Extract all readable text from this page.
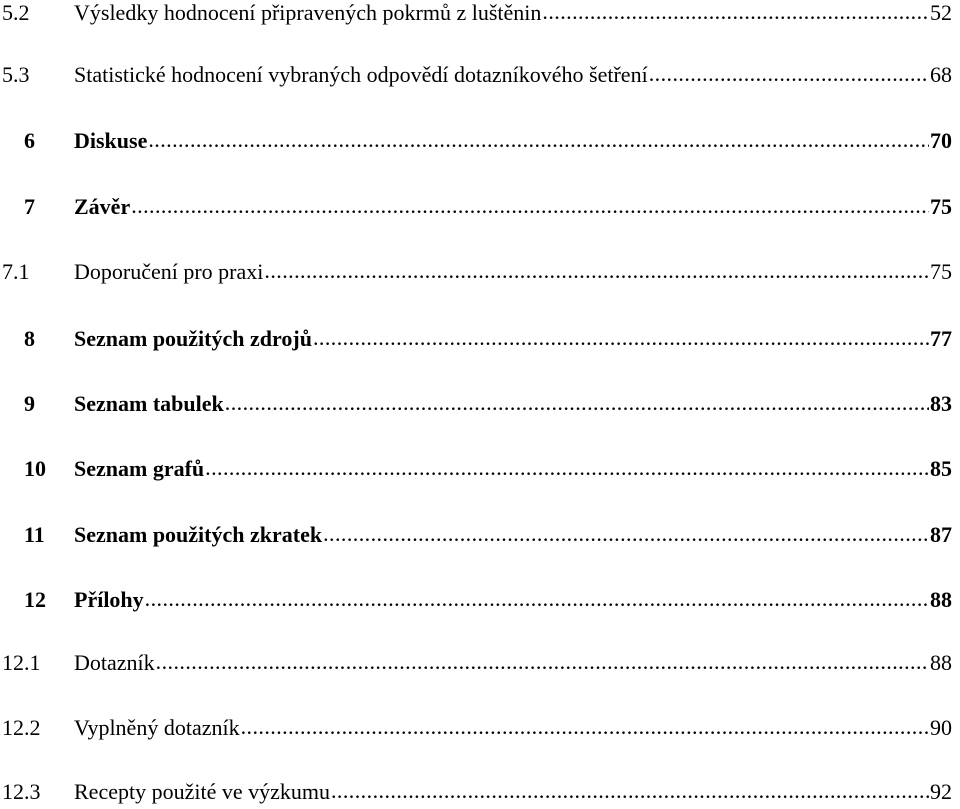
5.2	Výsledky hodnocení připravených pokrmů z luštěnin .....	52
5.3	Statistické hodnocení vybraných odpovědí dotazníkového šetření .....	68
6	Diskuse .....	70
7	Závěr .....	75
7.1	Doporučení pro praxi .....	75
8	Seznam použitých zdrojů .....	77
9	Seznam tabulek .....	83
10	Seznam grafů .....	85
11	Seznam použitých zkratek .....	87
12	Přílohy .....	88
12.1	Dotazník .....	88
12.2	Vyplněný dotazník .....	90
12.3	Recepty použité ve výzkumu .....	92
